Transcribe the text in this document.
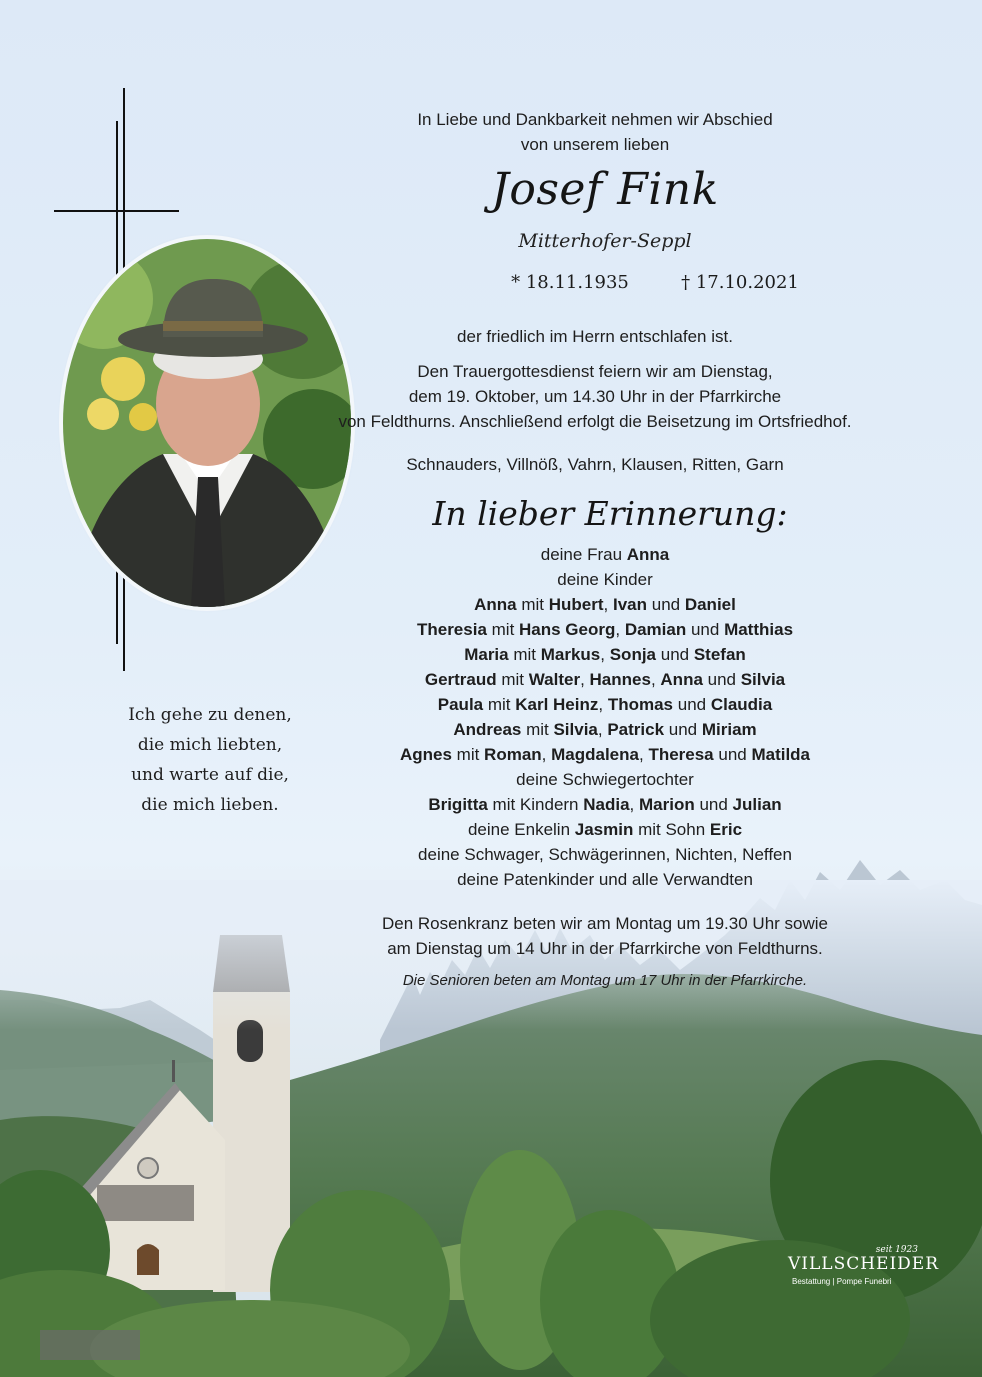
In Liebe und Dankbarkeit nehmen wir Abschied
von unserem lieben
Josef Fink
Mitterhofer-Seppl
* 18.11.1935	† 17.10.2021
der friedlich im Herrn entschlafen ist.
Den Trauergottesdienst feiern wir am Dienstag,
dem 19. Oktober, um 14.30 Uhr in der Pfarrkirche
von Feldthurns. Anschließend erfolgt die Beisetzung im Ortsfriedhof.
Schnauders, Villnöß, Vahrn, Klausen, Ritten, Garn
In lieber Erinnerung:
deine Frau Anna
deine Kinder
Anna mit Hubert, Ivan und Daniel
Theresia mit Hans Georg, Damian und Matthias
Maria mit Markus, Sonja und Stefan
Gertraud mit Walter, Hannes, Anna und Silvia
Paula mit Karl Heinz, Thomas und Claudia
Andreas mit Silvia, Patrick und Miriam
Agnes mit Roman, Magdalena, Theresa und Matilda
deine Schwiegertochter
Brigitta mit Kindern Nadia, Marion und Julian
deine Enkelin Jasmin mit Sohn Eric
deine Schwager, Schwägerinnen, Nichten, Neffen
deine Patenkinder und alle Verwandten
Den Rosenkranz beten wir am Montag um 19.30 Uhr sowie
am Dienstag um 14 Uhr in der Pfarrkirche von Feldthurns.
Die Senioren beten am Montag um 17 Uhr in der Pfarrkirche.
Ich gehe zu denen,
die mich liebten,
und warte auf die,
die mich lieben.
seit 1923
VILLSCHEIDER
Bestattung | Pompe Funebri
